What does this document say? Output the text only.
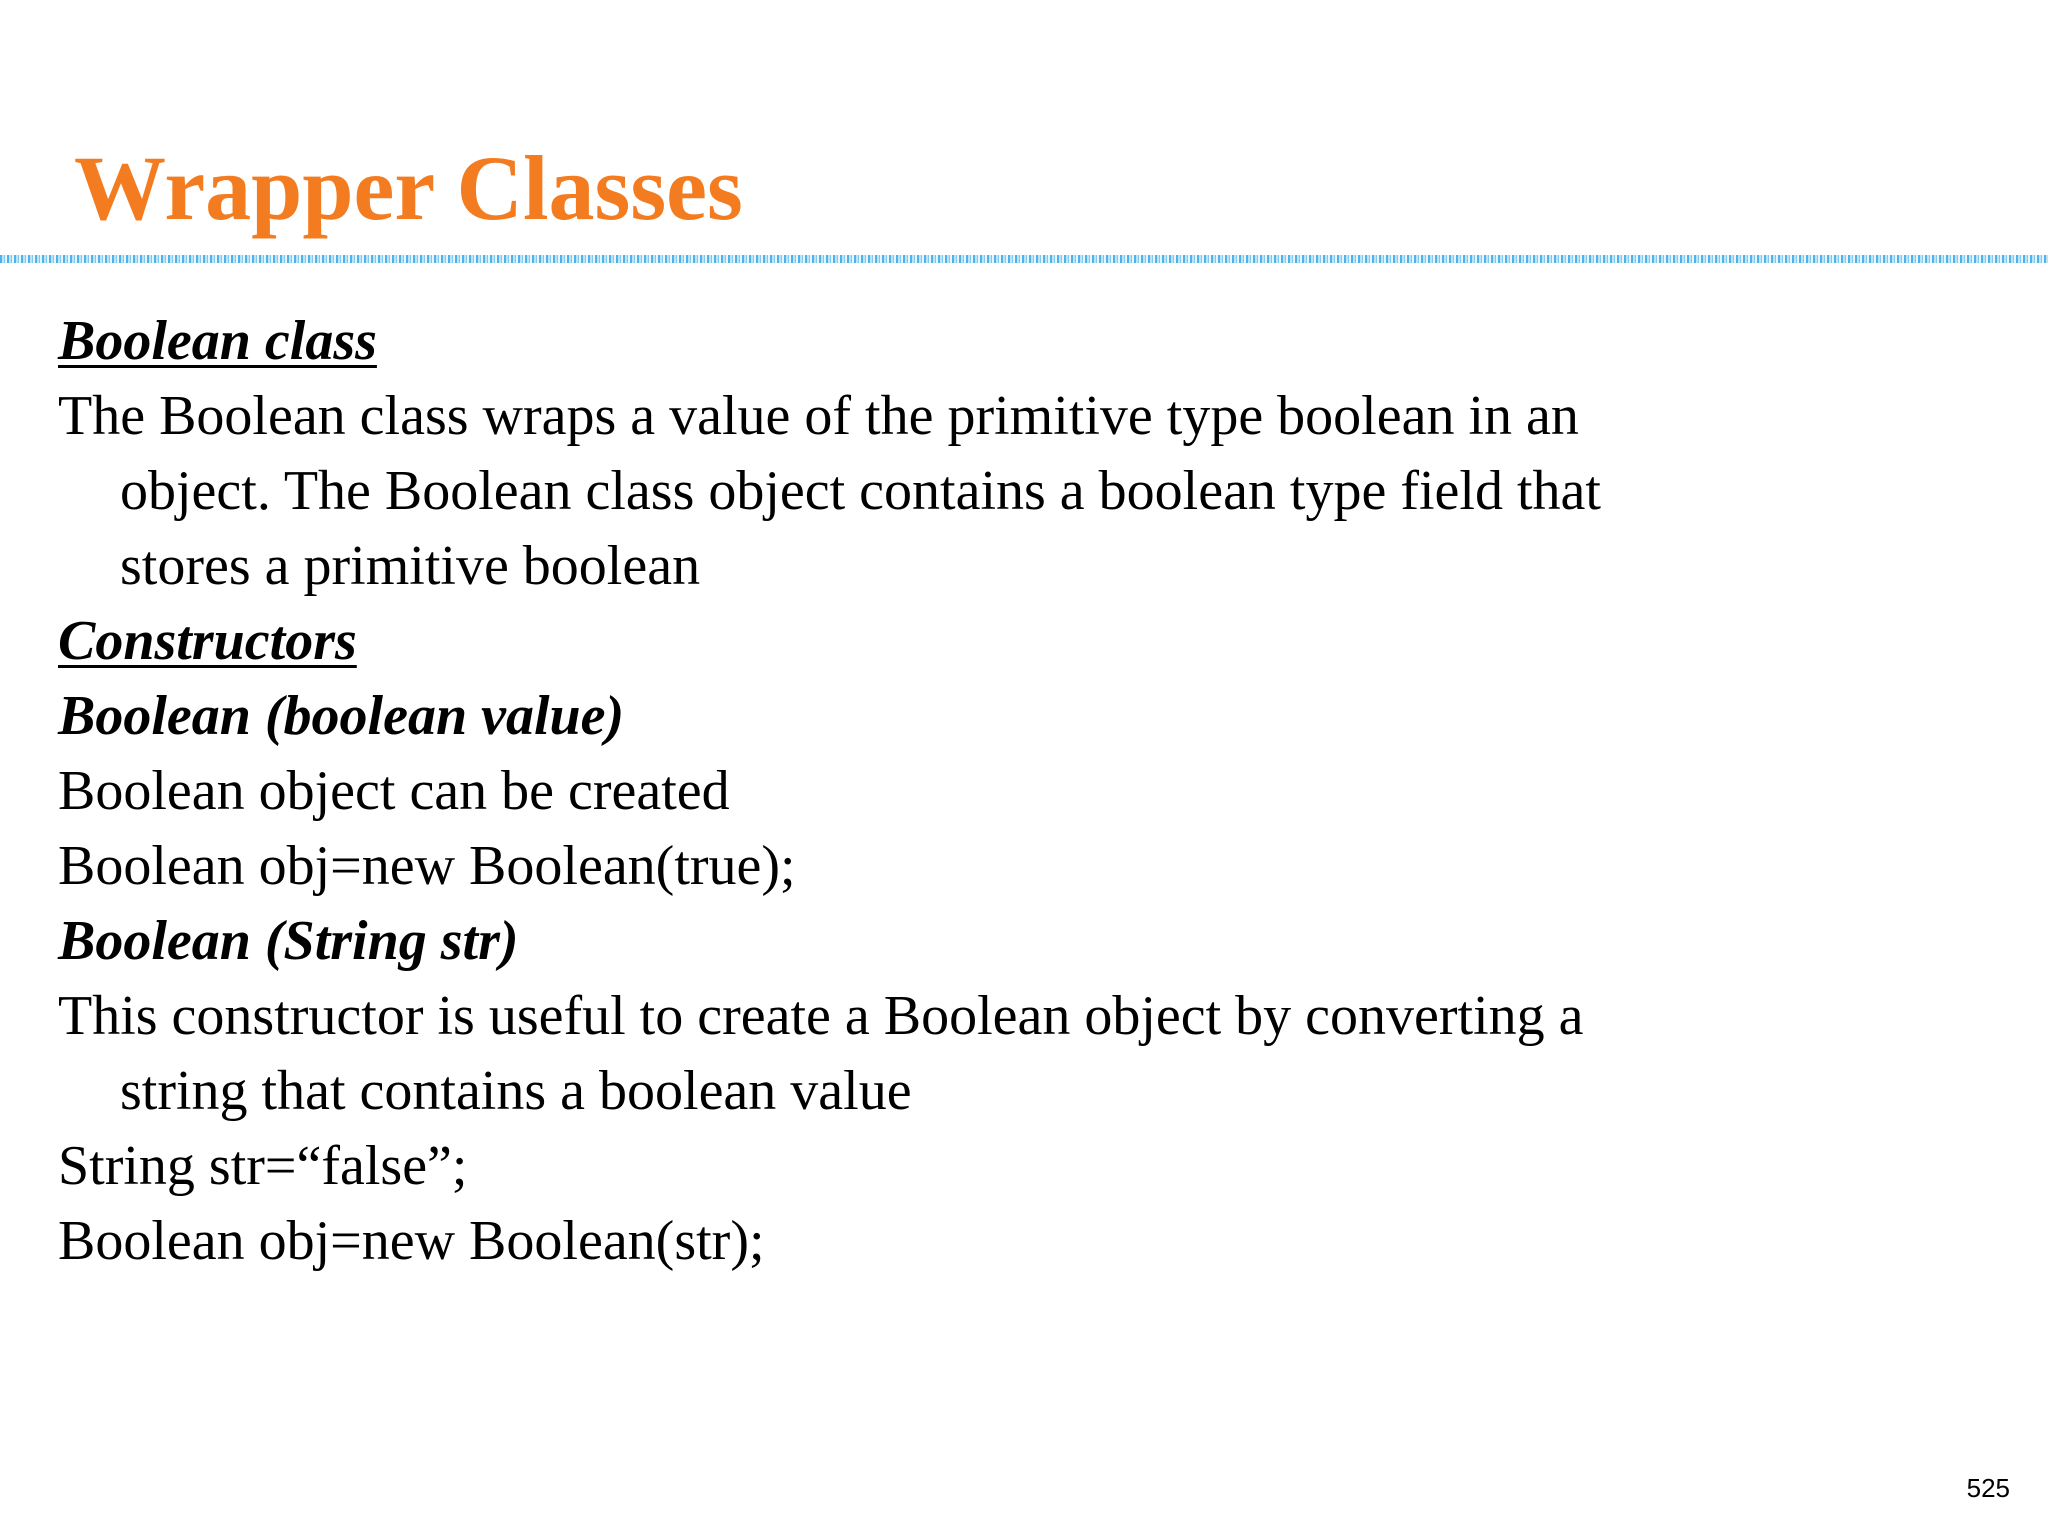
Wrapper Classes
Boolean class
The Boolean class wraps a value of the primitive type boolean in an
object. The Boolean class object contains a boolean type field that
stores a primitive boolean
Constructors
Boolean (boolean value)
Boolean object can be created
Boolean obj=new Boolean(true);
Boolean (String str)
This constructor is useful to create a Boolean object by converting a
string that contains a boolean value
String str=“false”;
Boolean obj=new Boolean(str);
525
